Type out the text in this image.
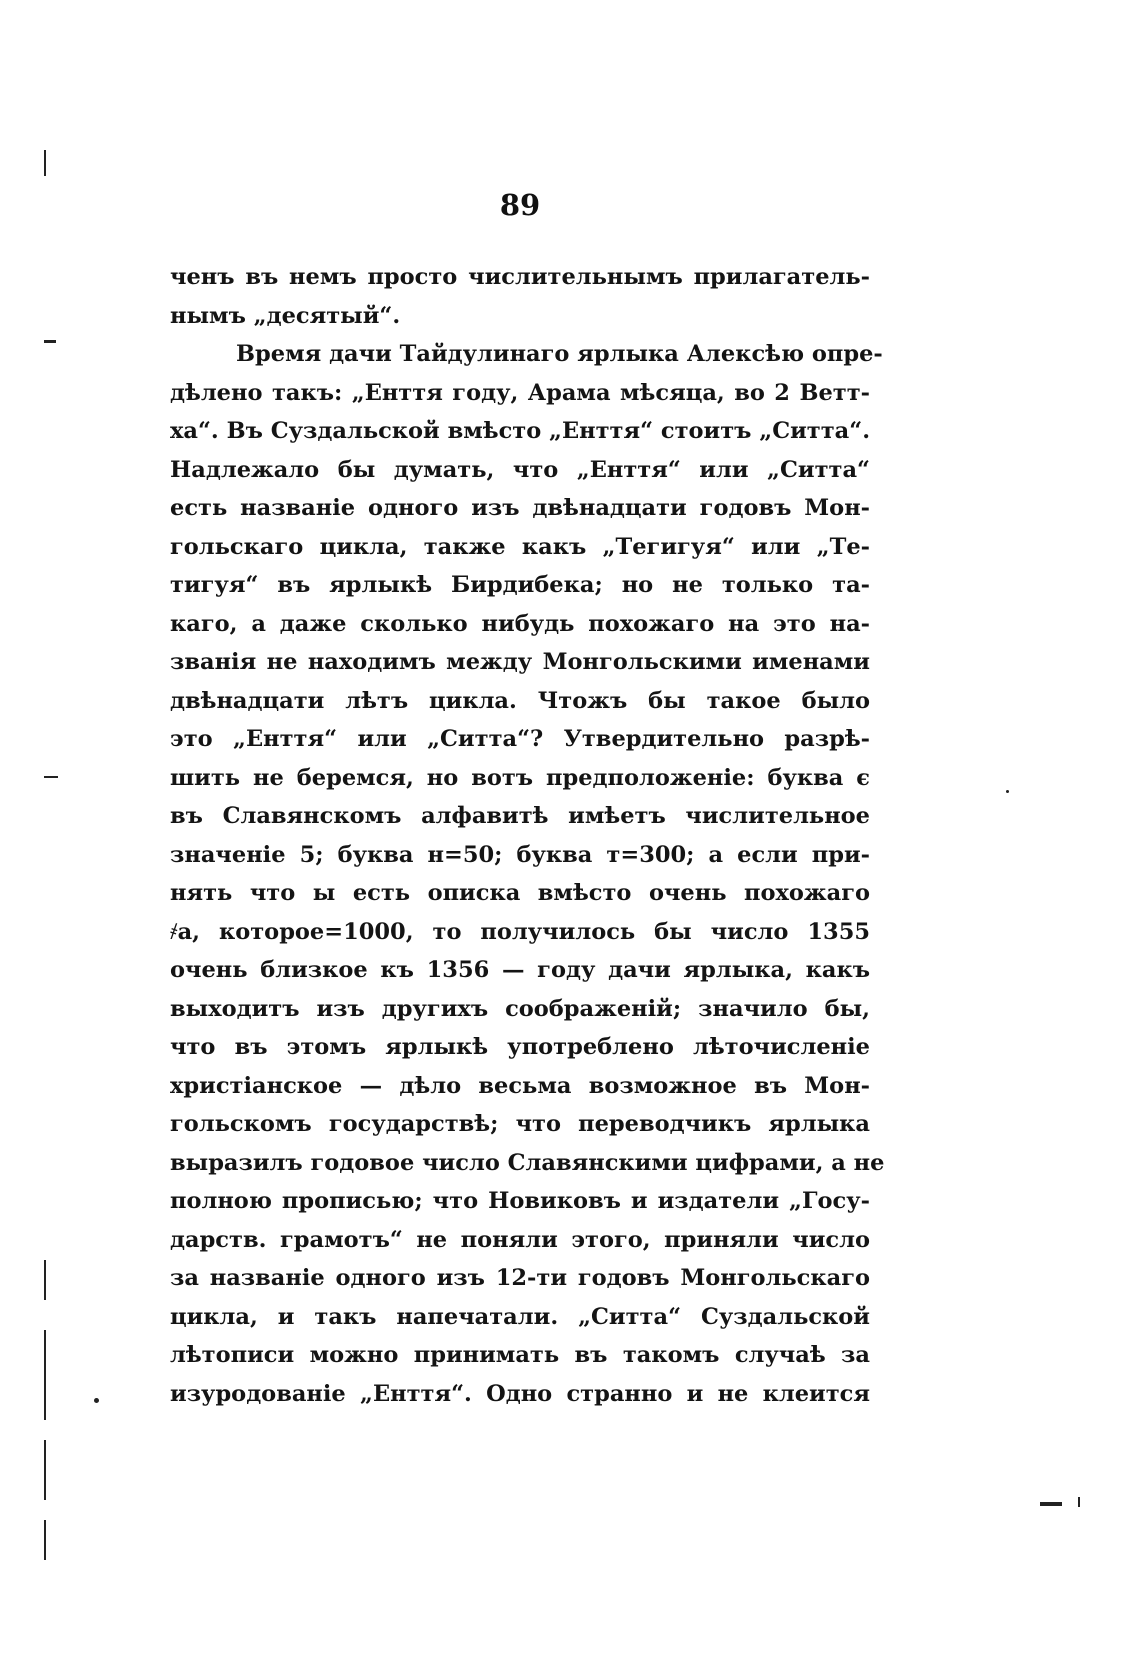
89
ченъ въ немъ просто числительнымъ прилагатель-
нымъ „десятый“.
Время дачи Тайдулинаго ярлыка Алексѣю опре-
дѣлено такъ: „Енття году, Арама мѣсяца, во 2 Ветт-
ха“. Въ Суздальской вмѣсто „Енття“ стоитъ „Ситта“.
Надлежало бы думать, что „Енття“ или „Ситта“
есть названіе одного изъ двѣнадцати годовъ Мон-
гольскаго цикла, также какъ „Тегигуя“ или „Те-
тигуя“ въ ярлыкѣ Бирдибека; но не только та-
каго, а даже сколько нибудь похожаго на это на-
званія не находимъ между Монгольскими именами
двѣнадцати лѣтъ цикла. Чтожъ бы такое было
это „Енття“ или „Ситта“? Утвердительно разрѣ-
шить не беремся, но вотъ предположеніе: буква є
въ Славянскомъ алфавитѣ имѣетъ числительное
значеніе 5; буква н=50; буква т=300; а если при-
нять что ы есть описка вмѣсто очень похожаго
҂а, которое=1000, то получилось бы число 1355
очень близкое къ 1356 — году дачи ярлыка, какъ
выходитъ изъ другихъ соображеній; значило бы,
что въ этомъ ярлыкѣ употреблено лѣточисленіе
христіанское — дѣло весьма возможное въ Мон-
гольскомъ государствѣ; что переводчикъ ярлыка
выразилъ годовое число Славянскими цифрами, а не
полною прописью; что Новиковъ и издатели „Госу-
дарств. грамотъ“ не поняли этого, приняли число
за названіе одного изъ 12-ти годовъ Монгольскаго
цикла, и такъ напечатали. „Ситта“ Суздальской
лѣтописи можно принимать въ такомъ случаѣ за
изуродованіе „Енття“. Одно странно и не клеится
